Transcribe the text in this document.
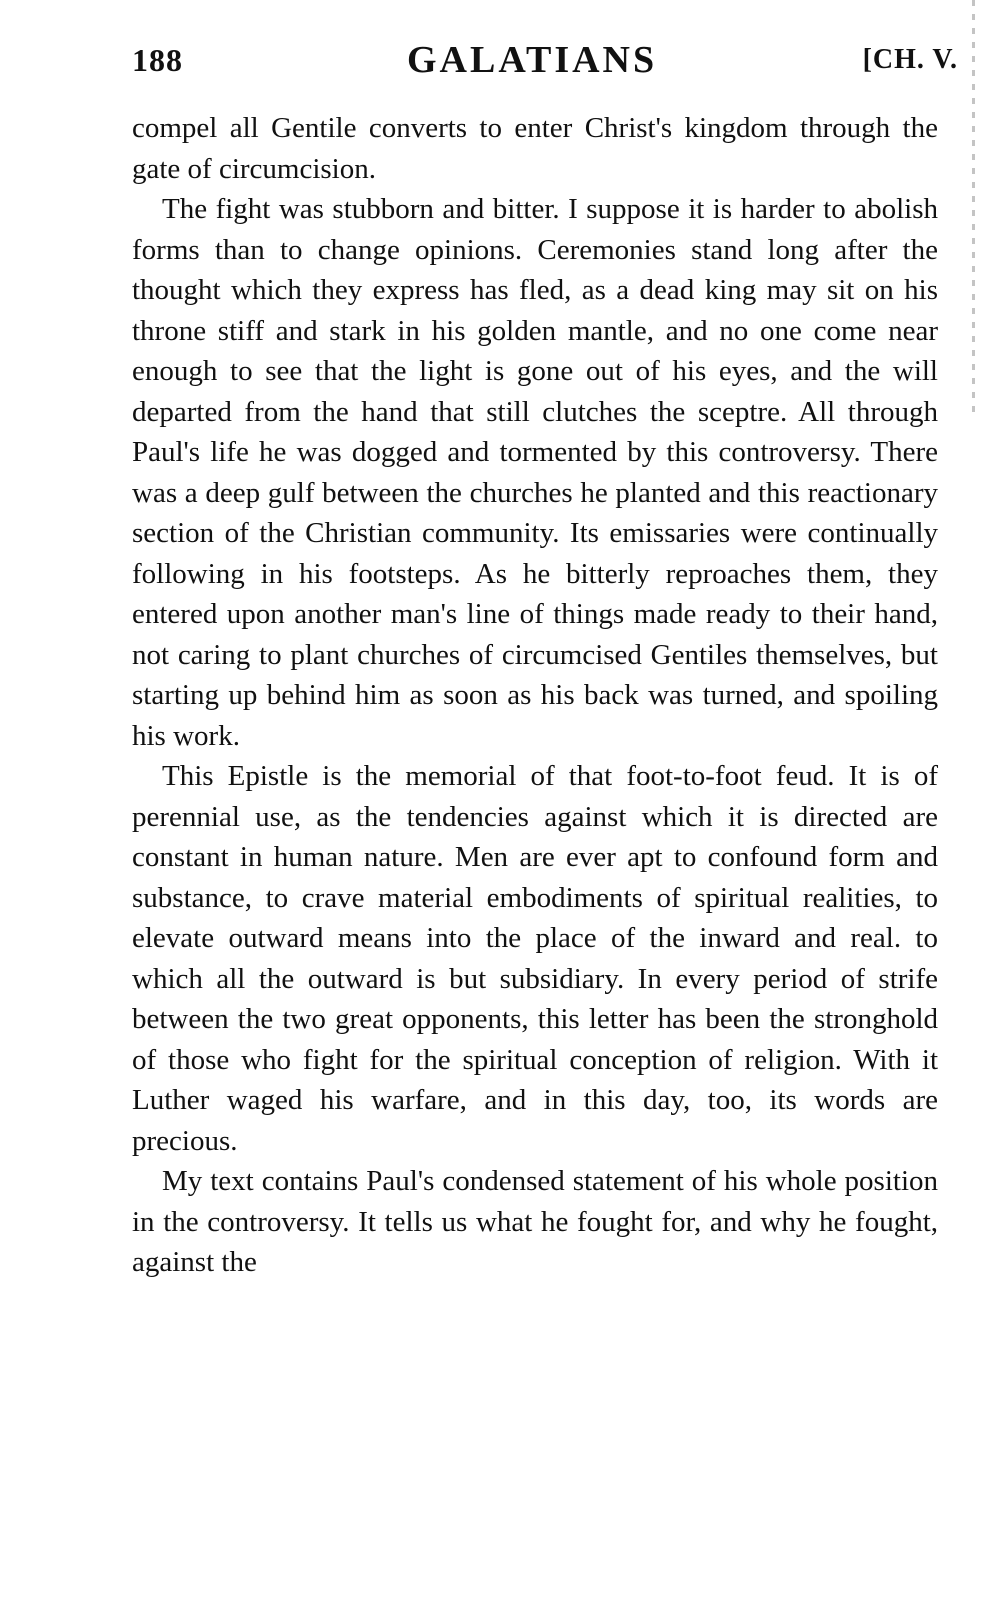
188	GALATIANS	[CH. V.

compel all Gentile converts to enter Christ's kingdom through the gate of circumcision.

The fight was stubborn and bitter. I suppose it is harder to abolish forms than to change opinions. Ceremonies stand long after the thought which they express has fled, as a dead king may sit on his throne stiff and stark in his golden mantle, and no one come near enough to see that the light is gone out of his eyes, and the will departed from the hand that still clutches the sceptre. All through Paul's life he was dogged and tormented by this controversy. There was a deep gulf between the churches he planted and this reactionary section of the Christian community. Its emissaries were continually following in his footsteps. As he bitterly reproaches them, they entered upon another man's line of things made ready to their hand, not caring to plant churches of circumcised Gentiles themselves, but starting up behind him as soon as his back was turned, and spoiling his work.

This Epistle is the memorial of that foot-to-foot feud. It is of perennial use, as the tendencies against which it is directed are constant in human nature. Men are ever apt to confound form and substance, to crave material embodiments of spiritual realities, to elevate outward means into the place of the inward and real. to which all the outward is but subsidiary. In every period of strife between the two great opponents, this letter has been the stronghold of those who fight for the spiritual conception of religion. With it Luther waged his warfare, and in this day, too, its words are precious.

My text contains Paul's condensed statement of his whole position in the controversy. It tells us what he fought for, and why he fought, against the
